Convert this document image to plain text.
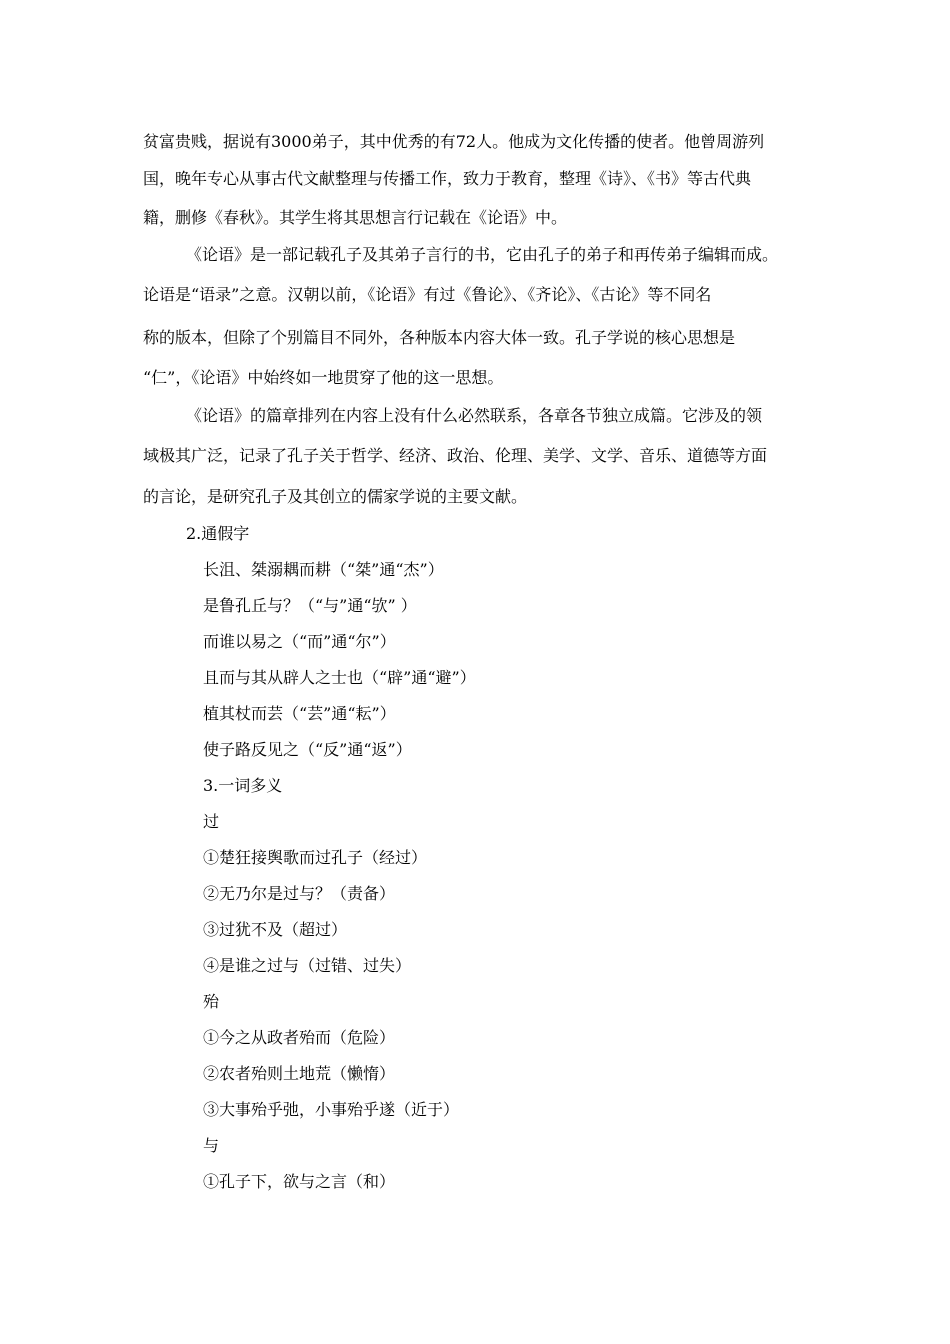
贫富贵贱，据说有3000弟子，其中优秀的有72人。他成为文化传播的使者。他曾周游列
国，晚年专心从事古代文献整理与传播工作，致力于教育，整理《诗》、《书》等古代典
籍，删修《春秋》。其学生将其思想言行记载在《论语》中。
《论语》是一部记载孔子及其弟子言行的书，它由孔子的弟子和再传弟子编辑而成。
论语是“语录”之意。汉朝以前，《论语》有过《鲁论》、《齐论》、《古论》等不同名
称的版本，但除了个别篇目不同外，各种版本内容大体一致。孔子学说的核心思想是
“仁”，《论语》中始终如一地贯穿了他的这一思想。
《论语》的篇章排列在内容上没有什么必然联系，各章各节独立成篇。它涉及的领
域极其广泛，记录了孔子关于哲学、经济、政治、伦理、美学、文学、音乐、道德等方面
的言论，是研究孔子及其创立的儒家学说的主要文献。
2.通假字
长沮、桀溺耦而耕（“桀”通“杰”）
是鲁孔丘与？（“与”通“欤” ）
而谁以易之（“而”通“尔”）
且而与其从辟人之士也（“辟”通“避”）
植其杖而芸（“芸”通“耘”）
使子路反见之（“反”通“返”）
3.一词多义
过
①楚狂接舆歌而过孔子（经过）
②无乃尔是过与？（责备）
③过犹不及（超过）
④是谁之过与（过错、过失）
殆
①今之从政者殆而（危险）
②农者殆则土地荒（懒惰）
③大事殆乎弛，小事殆乎遂（近于）
与
①孔子下，欲与之言（和）
